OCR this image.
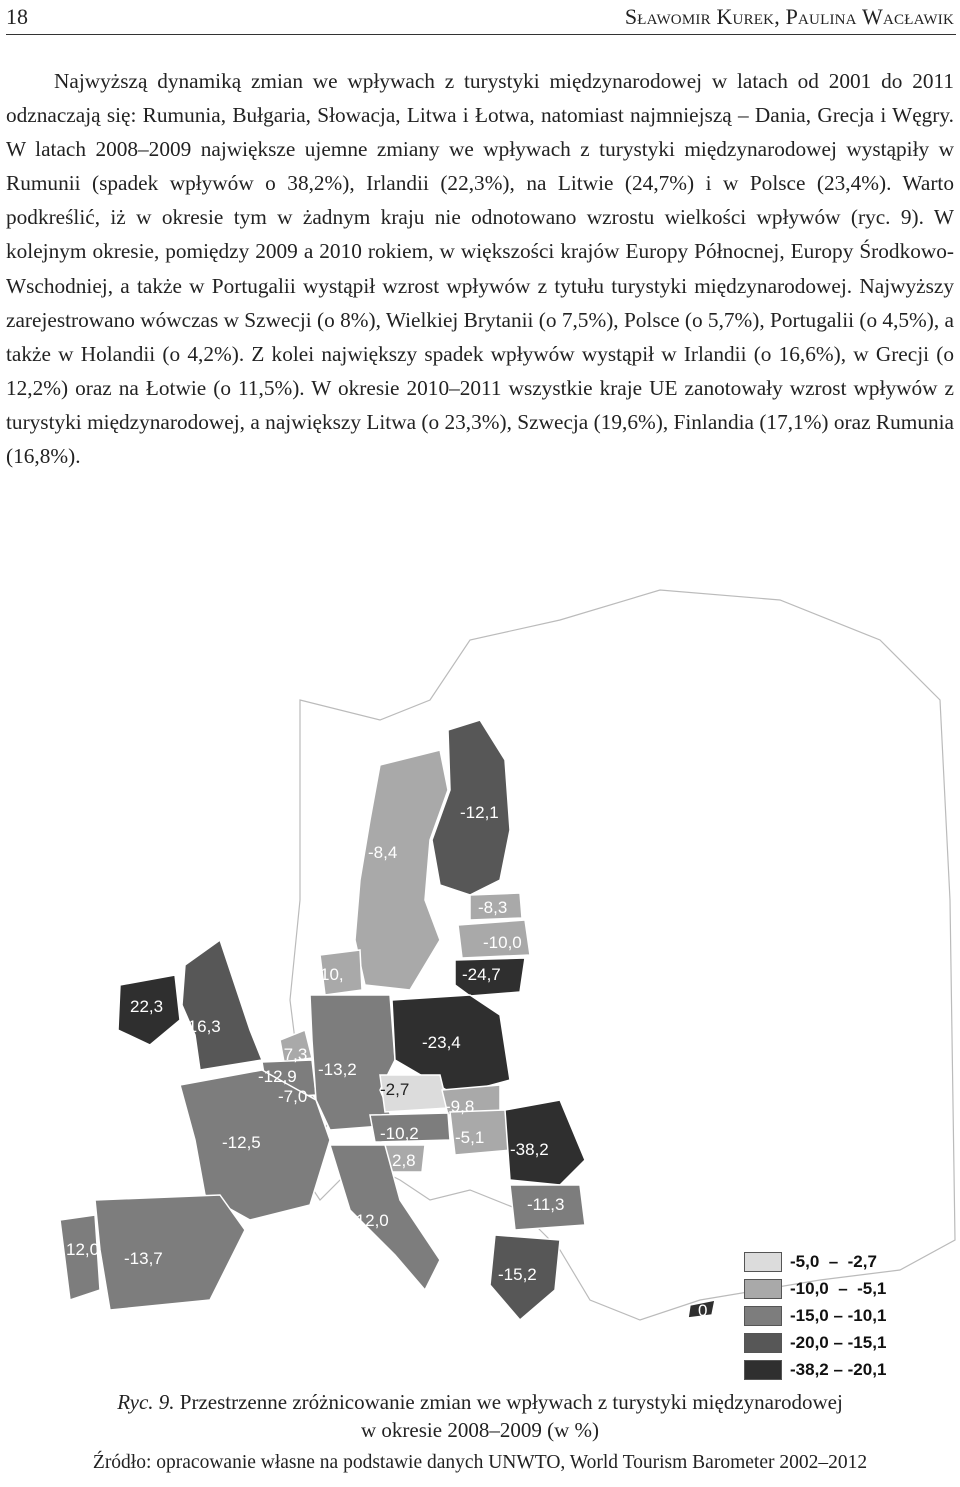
18	Sławomir Kurek, Paulina Wacławik

Najwyższą dynamiką zmian we wpływach z turystyki międzynarodowej w latach od 2001 do 2011 odznaczają się: Rumunia, Bułgaria, Słowacja, Litwa i Łotwa, natomiast najmniejszą – Dania, Grecja i Węgry. W latach 2008–2009 największe ujemne zmiany we wpływach z turystyki międzynarodowej wystąpiły w Rumunii (spadek wpływów o 38,2%), Irlandii (22,3%), na Litwie (24,7%) i w Polsce (23,4%). Warto podkreślić, iż w okresie tym w żadnym kraju nie odnotowano wzrostu wielkości wpływów (ryc. 9). W kolejnym okresie, pomiędzy 2009 a 2010 rokiem, w większości krajów Europy Północnej, Europy Środkowo-Wschodniej, a także w Portugalii wystąpił wzrost wpływów z tytułu turystyki międzynarodowej. Najwyższy zarejestrowano wówczas w Szwecji (o 8%), Wielkiej Brytanii (o 7,5%), Polsce (o 5,7%), Portugalii (o 4,5%), a także w Holandii (o 4,2%). Z kolei największy spadek wpływów wystąpił w Irlandii (o 16,6%), w Grecji (o 12,2%) oraz na Łotwie (o 11,5%). W okresie 2010–2011 wszystkie kraje UE zanotowały wzrost wpływów z turystyki międzynarodowej, a największy Litwa (o 23,3%), Szwecja (19,6%), Finlandia (17,1%) oraz Rumunia (16,8%).

-12,1
-8,4
-8,3
-10,0
-24,7
10,
22,3
-16,3
-7,3
-12,9
-7,0
-13,2
-23,4
-2,7
-9,8
-10,2 -5,1
2,8
-38,2
-11,3
-12,5
-12,0
12,0 -13,7
-15,2
0
-5,0  –  -2,7
-10,0  –  -5,1
-15,0 – -10,1
-20,0 – -15,1
-38,2 – -20,1
Ryc. 9. Przestrzenne zróżnicowanie zmian we wpływach z turystyki międzynarodowej
w okresie 2008–2009 (w %)
Źródło: opracowanie własne na podstawie danych UNWTO, World Tourism Barometer 2002–2012
